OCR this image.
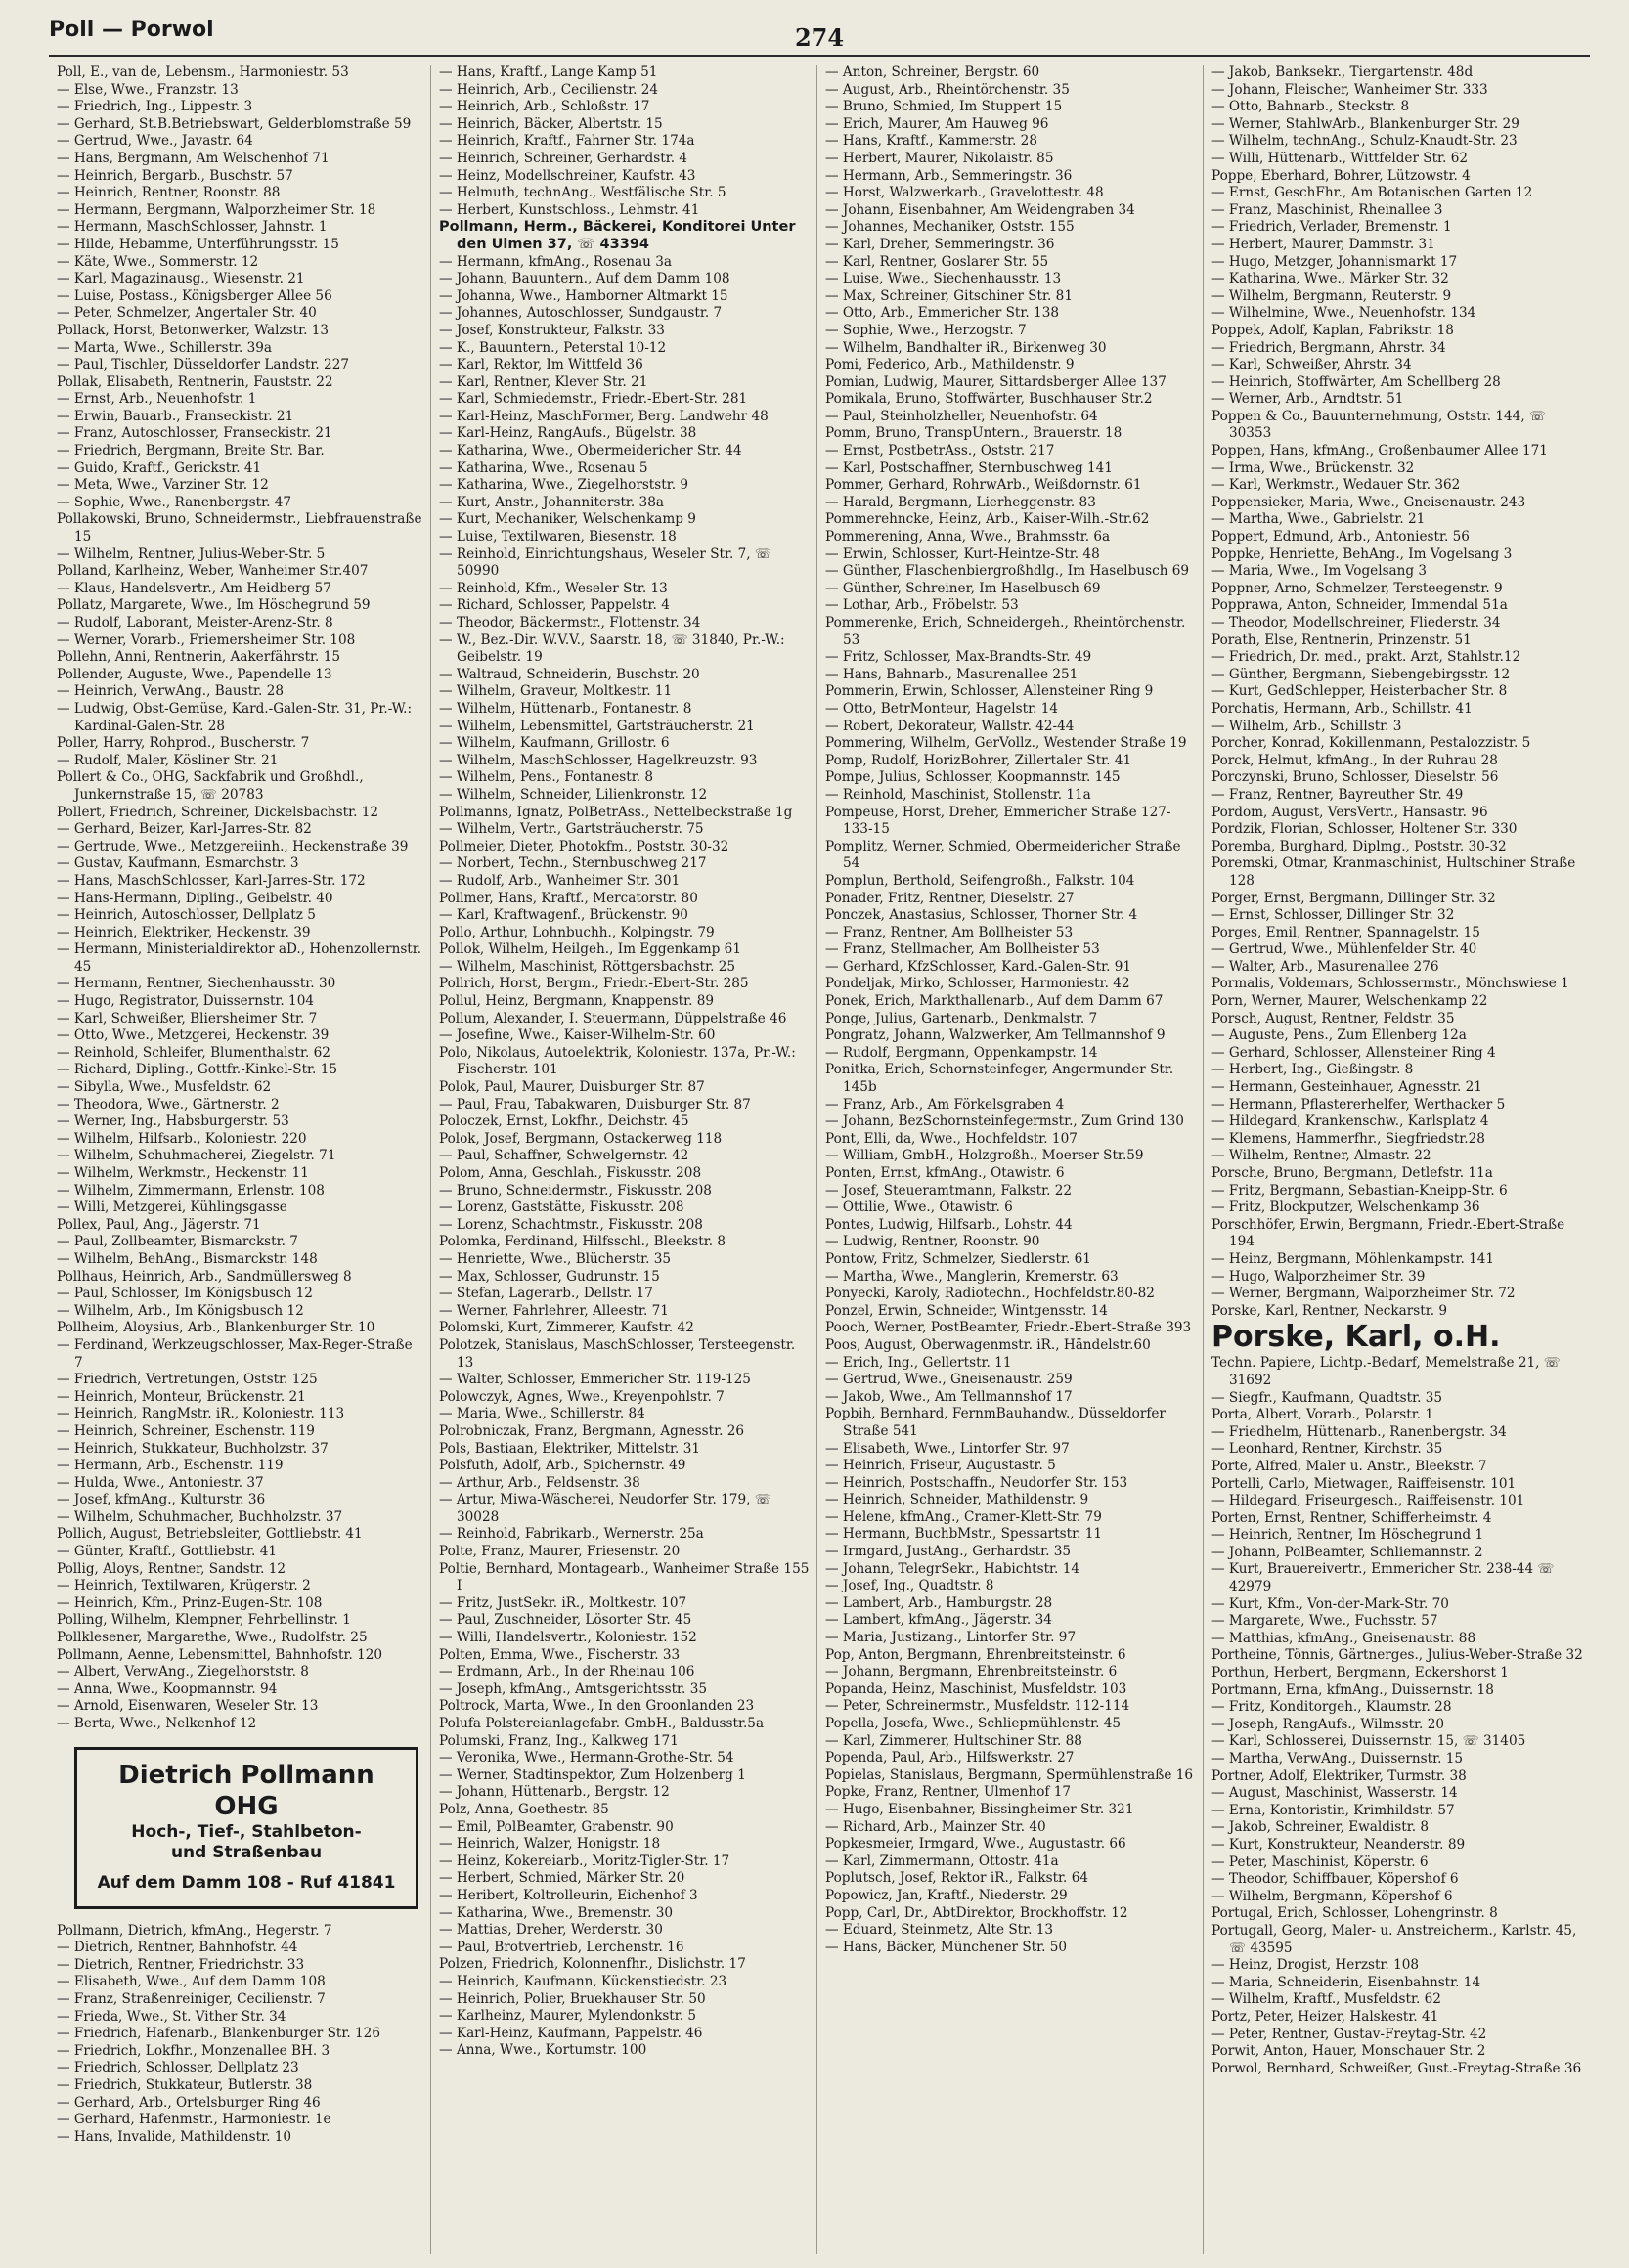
Poll — Porwol	274
Poll, E., van de, Lebensm., Harmoniestr. 53
— Else, Wwe., Franzstr. 13
— Friedrich, Ing., Lippestr. 3
— Gerhard, St.B.Betriebswart, Gelderblomstraße 59
— Gertrud, Wwe., Javastr. 64
— Hans, Bergmann, Am Welschenhof 71
— Heinrich, Bergarb., Buschstr. 57
— Heinrich, Rentner, Roonstr. 88
— Hermann, Bergmann, Walporzheimer Str. 18
— Hermann, MaschSchlosser, Jahnstr. 1
— Hilde, Hebamme, Unterführungsstr. 15
— Käte, Wwe., Sommerstr. 12
— Karl, Magazinausg., Wiesenstr. 21
— Luise, Postass., Königsberger Allee 56
— Peter, Schmelzer, Angertaler Str. 40
Pollack, Horst, Betonwerker, Walzstr. 13
— Marta, Wwe., Schillerstr. 39a
— Paul, Tischler, Düsseldorfer Landstr. 227
Pollak, Elisabeth, Rentnerin, Fauststr. 22
— Ernst, Arb., Neuenhofstr. 1
— Erwin, Bauarb., Franseckistr. 21
— Franz, Autoschlosser, Franseckistr. 21
— Friedrich, Bergmann, Breite Str. Bar.
— Guido, Kraftf., Gerickstr. 41
— Meta, Wwe., Varziner Str. 12
— Sophie, Wwe., Ranenbergstr. 47
Pollakowski, Bruno, Schneidermstr., Liebfrauenstraße 15
— Wilhelm, Rentner, Julius-Weber-Str. 5
Polland, Karlheinz, Weber, Wanheimer Str.407
— Klaus, Handelsvertr., Am Heidberg 57
Pollatz, Margarete, Wwe., Im Höschegrund 59
— Rudolf, Laborant, Meister-Arenz-Str. 8
— Werner, Vorarb., Friemersheimer Str. 108
Pollehn, Anni, Rentnerin, Aakerfährstr. 15
Pollender, Auguste, Wwe., Papendelle 13
— Heinrich, VerwAng., Baustr. 28
— Ludwig, Obst-Gemüse, Kard.-Galen-Str. 31, Pr.-W.: Kardinal-Galen-Str. 28
Poller, Harry, Rohprod., Buscherstr. 7
— Rudolf, Maler, Kösliner Str. 21
Pollert & Co., OHG, Sackfabrik und Großhdl., Junkernstraße 15, ☏ 20783
Pollert, Friedrich, Schreiner, Dickelsbachstr. 12
— Gerhard, Beizer, Karl-Jarres-Str. 82
— Gertrude, Wwe., Metzgereiinh., Heckenstraße 39
— Gustav, Kaufmann, Esmarchstr. 3
— Hans, MaschSchlosser, Karl-Jarres-Str. 172
— Hans-Hermann, Dipling., Geibelstr. 40
— Heinrich, Autoschlosser, Dellplatz 5
— Heinrich, Elektriker, Heckenstr. 39
— Hermann, Ministerialdirektor aD., Hohenzollernstr. 45
— Hermann, Rentner, Siechenhausstr. 30
— Hugo, Registrator, Duissernstr. 104
— Karl, Schweißer, Bliersheimer Str. 7
— Otto, Wwe., Metzgerei, Heckenstr. 39
— Reinhold, Schleifer, Blumenthalstr. 62
— Richard, Dipling., Gottfr.-Kinkel-Str. 15
— Sibylla, Wwe., Musfeldstr. 62
— Theodora, Wwe., Gärtnerstr. 2
— Werner, Ing., Habsburgerstr. 53
— Wilhelm, Hilfsarb., Koloniestr. 220
— Wilhelm, Schuhmacherei, Ziegelstr. 71
— Wilhelm, Werkmstr., Heckenstr. 11
— Wilhelm, Zimmermann, Erlenstr. 108
— Willi, Metzgerei, Kühlingsgasse
Pollex, Paul, Ang., Jägerstr. 71
— Paul, Zollbeamter, Bismarckstr. 7
— Wilhelm, BehAng., Bismarckstr. 148
Pollhaus, Heinrich, Arb., Sandmüllersweg 8
— Paul, Schlosser, Im Königsbusch 12
— Wilhelm, Arb., Im Königsbusch 12
Pollheim, Aloysius, Arb., Blankenburger Str. 10
— Ferdinand, Werkzeugschlosser, Max-Reger-Straße 7
— Friedrich, Vertretungen, Oststr. 125
— Heinrich, Monteur, Brückenstr. 21
— Heinrich, RangMstr. iR., Koloniestr. 113
— Heinrich, Schreiner, Eschenstr. 119
— Heinrich, Stukkateur, Buchholzstr. 37
— Hermann, Arb., Eschenstr. 119
— Hulda, Wwe., Antoniestr. 37
— Josef, kfmAng., Kulturstr. 36
— Wilhelm, Schuhmacher, Buchholzstr. 37
Pollich, August, Betriebsleiter, Gottliebstr. 41
— Günter, Kraftf., Gottliebstr. 41
Pollig, Aloys, Rentner, Sandstr. 12
— Heinrich, Textilwaren, Krügerstr. 2
— Heinrich, Kfm., Prinz-Eugen-Str. 108
Polling, Wilhelm, Klempner, Fehrbellinstr. 1
Pollklesener, Margarethe, Wwe., Rudolfstr. 25
Pollmann, Aenne, Lebensmittel, Bahnhofstr. 120
— Albert, VerwAng., Ziegelhorststr. 8
— Anna, Wwe., Koopmannstr. 94
— Arnold, Eisenwaren, Weseler Str. 13
— Berta, Wwe., Nelkenhof 12
Dietrich Pollmann OHG
Hoch-, Tief-, Stahlbeton-
und Straßenbau
Auf dem Damm 108 - Ruf 41841
Pollmann, Dietrich, kfmAng., Hegerstr. 7
— Dietrich, Rentner, Bahnhofstr. 44
— Dietrich, Rentner, Friedrichstr. 33
— Elisabeth, Wwe., Auf dem Damm 108
— Franz, Straßenreiniger, Cecilienstr. 7
— Frieda, Wwe., St. Vither Str. 34
— Friedrich, Hafenarb., Blankenburger Str. 126
— Friedrich, Lokfhr., Monzenallee BH. 3
— Friedrich, Schlosser, Dellplatz 23
— Friedrich, Stukkateur, Butlerstr. 38
— Gerhard, Arb., Ortelsburger Ring 46
— Gerhard, Hafenmstr., Harmoniestr. 1e
— Hans, Invalide, Mathildenstr. 10
— Hans, Kraftf., Lange Kamp 51
— Heinrich, Arb., Cecilienstr. 24
— Heinrich, Arb., Schloßstr. 17
— Heinrich, Bäcker, Albertstr. 15
— Heinrich, Kraftf., Fahrner Str. 174a
— Heinrich, Schreiner, Gerhardstr. 4
— Heinz, Modellschreiner, Kaufstr. 43
— Helmuth, technAng., Westfälische Str. 5
— Herbert, Kunstschloss., Lehmstr. 41
Pollmann, Herm., Bäckerei, Konditorei Unter den Ulmen 37, ☏ 43394
— Hermann, kfmAng., Rosenau 3a
— Johann, Bauuntern., Auf dem Damm 108
— Johanna, Wwe., Hamborner Altmarkt 15
— Johannes, Autoschlosser, Sundgaustr. 7
— Josef, Konstrukteur, Falkstr. 33
— K., Bauuntern., Peterstal 10-12
— Karl, Rektor, Im Wittfeld 36
— Karl, Rentner, Klever Str. 21
— Karl, Schmiedemstr., Friedr.-Ebert-Str. 281
— Karl-Heinz, MaschFormer, Berg. Landwehr 48
— Karl-Heinz, RangAufs., Bügelstr. 38
— Katharina, Wwe., Obermeidericher Str. 44
— Katharina, Wwe., Rosenau 5
— Katharina, Wwe., Ziegelhorststr. 9
— Kurt, Anstr., Johanniterstr. 38a
— Kurt, Mechaniker, Welschenkamp 9
— Luise, Textilwaren, Biesenstr. 18
— Reinhold, Einrichtungshaus, Weseler Str. 7, ☏ 50990
— Reinhold, Kfm., Weseler Str. 13
— Richard, Schlosser, Pappelstr. 4
— Theodor, Bäckermstr., Flottenstr. 34
— W., Bez.-Dir. W.V.V., Saarstr. 18, ☏ 31840, Pr.-W.: Geibelstr. 19
— Waltraud, Schneiderin, Buschstr. 20
— Wilhelm, Graveur, Moltkestr. 11
— Wilhelm, Hüttenarb., Fontanestr. 8
— Wilhelm, Lebensmittel, Gartsträucherstr. 21
— Wilhelm, Kaufmann, Grillostr. 6
— Wilhelm, MaschSchlosser, Hagelkreuzstr. 93
— Wilhelm, Pens., Fontanestr. 8
— Wilhelm, Schneider, Lilienkronstr. 12
Pollmanns, Ignatz, PolBetrAss., Nettelbeckstraße 1g
— Wilhelm, Vertr., Gartsträucherstr. 75
Pollmeier, Dieter, Photokfm., Poststr. 30-32
— Norbert, Techn., Sternbuschweg 217
— Rudolf, Arb., Wanheimer Str. 301
Pollmer, Hans, Kraftf., Mercatorstr. 80
— Karl, Kraftwagenf., Brückenstr. 90
Pollo, Arthur, Lohnbuchh., Kolpingstr. 79
Pollok, Wilhelm, Heilgeh., Im Eggenkamp 61
— Wilhelm, Maschinist, Röttgersbachstr. 25
Pollrich, Horst, Bergm., Friedr.-Ebert-Str. 285
Pollul, Heinz, Bergmann, Knappenstr. 89
Pollum, Alexander, I. Steuermann, Düppelstraße 46
— Josefine, Wwe., Kaiser-Wilhelm-Str. 60
Polo, Nikolaus, Autoelektrik, Koloniestr. 137a, Pr.-W.: Fischerstr. 101
Polok, Paul, Maurer, Duisburger Str. 87
— Paul, Frau, Tabakwaren, Duisburger Str. 87
Poloczek, Ernst, Lokfhr., Deichstr. 45
Polok, Josef, Bergmann, Ostackerweg 118
— Paul, Schaffner, Schwelgernstr. 42
Polom, Anna, Geschlah., Fiskusstr. 208
— Bruno, Schneidermstr., Fiskusstr. 208
— Lorenz, Gaststätte, Fiskusstr. 208
— Lorenz, Schachtmstr., Fiskusstr. 208
Polomka, Ferdinand, Hilfsschl., Bleekstr. 8
— Henriette, Wwe., Blücherstr. 35
— Max, Schlosser, Gudrunstr. 15
— Stefan, Lagerarb., Dellstr. 17
— Werner, Fahrlehrer, Alleestr. 71
Polomski, Kurt, Zimmerer, Kaufstr. 42
Polotzek, Stanislaus, MaschSchlosser, Tersteegenstr. 13
— Walter, Schlosser, Emmericher Str. 119-125
Polowczyk, Agnes, Wwe., Kreyenpohlstr. 7
— Maria, Wwe., Schillerstr. 84
Polrobniczak, Franz, Bergmann, Agnesstr. 26
Pols, Bastiaan, Elektriker, Mittelstr. 31
Polsfuth, Adolf, Arb., Spichernstr. 49
— Arthur, Arb., Feldsenstr. 38
— Artur, Miwa-Wäscherei, Neudorfer Str. 179, ☏ 30028
— Reinhold, Fabrikarb., Wernerstr. 25a
Polte, Franz, Maurer, Friesenstr. 20
Poltie, Bernhard, Montagearb., Wanheimer Straße 155 I
— Fritz, JustSekr. iR., Moltkestr. 107
— Paul, Zuschneider, Lösorter Str. 45
— Willi, Handelsvertr., Koloniestr. 152
Polten, Emma, Wwe., Fischerstr. 33
— Erdmann, Arb., In der Rheinau 106
— Joseph, kfmAng., Amtsgerichtsstr. 35
Poltrock, Marta, Wwe., In den Groonlanden 23
Polufa Polstereianlagefabr. GmbH., Baldusstr.5a
Polumski, Franz, Ing., Kalkweg 171
— Veronika, Wwe., Hermann-Grothe-Str. 54
— Werner, Stadtinspektor, Zum Holzenberg 1
— Johann, Hüttenarb., Bergstr. 12
Polz, Anna, Goethestr. 85
— Emil, PolBeamter, Grabenstr. 90
— Heinrich, Walzer, Honigstr. 18
— Heinz, Kokereiarb., Moritz-Tigler-Str. 17
— Herbert, Schmied, Märker Str. 20
— Heribert, Koltrolleurin, Eichenhof 3
— Katharina, Wwe., Bremenstr. 30
— Mattias, Dreher, Werderstr. 30
— Paul, Brotvertrieb, Lerchenstr. 16
Polzen, Friedrich, Kolonnenfhr., Dislichstr. 17
— Heinrich, Kaufmann, Kückenstiedstr. 23
— Heinrich, Polier, Bruekhauser Str. 50
— Karlheinz, Maurer, Mylendonkstr. 5
— Karl-Heinz, Kaufmann, Pappelstr. 46
— Anna, Wwe., Kortumstr. 100
— Anton, Schreiner, Bergstr. 60
— August, Arb., Rheintörchenstr. 35
— Bruno, Schmied, Im Stuppert 15
— Erich, Maurer, Am Hauweg 96
— Hans, Kraftf., Kammerstr. 28
— Herbert, Maurer, Nikolaistr. 85
— Hermann, Arb., Semmeringstr. 36
— Horst, Walzwerkarb., Gravelottestr. 48
— Johann, Eisenbahner, Am Weidengraben 34
— Johannes, Mechaniker, Oststr. 155
— Karl, Dreher, Semmeringstr. 36
— Karl, Rentner, Goslarer Str. 55
— Luise, Wwe., Siechenhausstr. 13
— Max, Schreiner, Gitschiner Str. 81
— Otto, Arb., Emmericher Str. 138
— Sophie, Wwe., Herzogstr. 7
— Wilhelm, Bandhalter iR., Birkenweg 30
Pomi, Federico, Arb., Mathildenstr. 9
Pomian, Ludwig, Maurer, Sittardsberger Allee 137
Pomikala, Bruno, Stoffwärter, Buschhauser Str.2
— Paul, Steinholzheller, Neuenhofstr. 64
Pomm, Bruno, TranspUntern., Brauerstr. 18
— Ernst, PostbetrAss., Oststr. 217
— Karl, Postschaffner, Sternbuschweg 141
Pommer, Gerhard, RohrwArb., Weißdornstr. 61
— Harald, Bergmann, Lierheggenstr. 83
Pommerehncke, Heinz, Arb., Kaiser-Wilh.-Str.62
Pommerening, Anna, Wwe., Brahmsstr. 6a
— Erwin, Schlosser, Kurt-Heintze-Str. 48
— Günther, Flaschenbiergroßhdlg., Im Haselbusch 69
— Günther, Schreiner, Im Haselbusch 69
— Lothar, Arb., Fröbelstr. 53
Pommerenke, Erich, Schneidergeh., Rheintörchenstr. 53
— Fritz, Schlosser, Max-Brandts-Str. 49
— Hans, Bahnarb., Masurenallee 251
Pommerin, Erwin, Schlosser, Allensteiner Ring 9
— Otto, BetrMonteur, Hagelstr. 14
— Robert, Dekorateur, Wallstr. 42-44
Pommering, Wilhelm, GerVollz., Westender Straße 19
Pomp, Rudolf, HorizBohrer, Zillertaler Str. 41
Pompe, Julius, Schlosser, Koopmannstr. 145
— Reinhold, Maschinist, Stollenstr. 11a
Pompeuse, Horst, Dreher, Emmericher Straße 127-133-15
Pomplitz, Werner, Schmied, Obermeidericher Straße 54
Pomplun, Berthold, Seifengroßh., Falkstr. 104
Ponader, Fritz, Rentner, Dieselstr. 27
Ponczek, Anastasius, Schlosser, Thorner Str. 4
— Franz, Rentner, Am Bollheister 53
— Franz, Stellmacher, Am Bollheister 53
— Gerhard, KfzSchlosser, Kard.-Galen-Str. 91
Pondeljak, Mirko, Schlosser, Harmoniestr. 42
Ponek, Erich, Markthallenarb., Auf dem Damm 67
Ponge, Julius, Gartenarb., Denkmalstr. 7
Pongratz, Johann, Walzwerker, Am Tellmannshof 9
— Rudolf, Bergmann, Oppenkampstr. 14
Ponitka, Erich, Schornsteinfeger, Angermunder Str. 145b
— Franz, Arb., Am Förkelsgraben 4
— Johann, BezSchornsteinfegermstr., Zum Grind 130
Pont, Elli, da, Wwe., Hochfeldstr. 107
— William, GmbH., Holzgroßh., Moerser Str.59
Ponten, Ernst, kfmAng., Otawistr. 6
— Josef, Steueramtmann, Falkstr. 22
— Ottilie, Wwe., Otawistr. 6
Pontes, Ludwig, Hilfsarb., Lohstr. 44
— Ludwig, Rentner, Roonstr. 90
Pontow, Fritz, Schmelzer, Siedlerstr. 61
— Martha, Wwe., Manglerin, Kremerstr. 63
Ponyecki, Karoly, Radiotechn., Hochfeldstr.80-82
Ponzel, Erwin, Schneider, Wintgensstr. 14
Pooch, Werner, PostBeamter, Friedr.-Ebert-Straße 393
Poos, August, Oberwagenmstr. iR., Händelstr.60
— Erich, Ing., Gellertstr. 11
— Gertrud, Wwe., Gneisenaustr. 259
— Jakob, Wwe., Am Tellmannshof 17
Popbih, Bernhard, FernmBauhandw., Düsseldorfer Straße 541
— Elisabeth, Wwe., Lintorfer Str. 97
— Heinrich, Friseur, Augustastr. 5
— Heinrich, Postschaffn., Neudorfer Str. 153
— Heinrich, Schneider, Mathildenstr. 9
— Helene, kfmAng., Cramer-Klett-Str. 79
— Hermann, BuchbMstr., Spessartstr. 11
— Irmgard, JustAng., Gerhardstr. 35
— Johann, TelegrSekr., Habichtstr. 14
— Josef, Ing., Quadtstr. 8
— Lambert, Arb., Hamburgstr. 28
— Lambert, kfmAng., Jägerstr. 34
— Maria, Justizang., Lintorfer Str. 97
Pop, Anton, Bergmann, Ehrenbreitsteinstr. 6
— Johann, Bergmann, Ehrenbreitsteinstr. 6
Popanda, Heinz, Maschinist, Musfeldstr. 103
— Peter, Schreinermstr., Musfeldstr. 112-114
Popella, Josefa, Wwe., Schliepmühlenstr. 45
— Karl, Zimmerer, Hultschiner Str. 88
Popenda, Paul, Arb., Hilfswerkstr. 27
Popielas, Stanislaus, Bergmann, Spermühlenstraße 16
Popke, Franz, Rentner, Ulmenhof 17
— Hugo, Eisenbahner, Bissingheimer Str. 321
— Richard, Arb., Mainzer Str. 40
Popkesmeier, Irmgard, Wwe., Augustastr. 66
— Karl, Zimmermann, Ottostr. 41a
Poplutsch, Josef, Rektor iR., Falkstr. 64
Popowicz, Jan, Kraftf., Niederstr. 29
Popp, Carl, Dr., AbtDirektor, Brockhoffstr. 12
— Eduard, Steinmetz, Alte Str. 13
— Hans, Bäcker, Münchener Str. 50
— Jakob, Banksekr., Tiergartenstr. 48d
— Johann, Fleischer, Wanheimer Str. 333
— Otto, Bahnarb., Steckstr. 8
— Werner, StahlwArb., Blankenburger Str. 29
— Wilhelm, technAng., Schulz-Knaudt-Str. 23
— Willi, Hüttenarb., Wittfelder Str. 62
Poppe, Eberhard, Bohrer, Lützowstr. 4
— Ernst, GeschFhr., Am Botanischen Garten 12
— Franz, Maschinist, Rheinallee 3
— Friedrich, Verlader, Bremenstr. 1
— Herbert, Maurer, Dammstr. 31
— Hugo, Metzger, Johannismarkt 17
— Katharina, Wwe., Märker Str. 32
— Wilhelm, Bergmann, Reuterstr. 9
— Wilhelmine, Wwe., Neuenhofstr. 134
Poppek, Adolf, Kaplan, Fabrikstr. 18
— Friedrich, Bergmann, Ahrstr. 34
— Karl, Schweißer, Ahrstr. 34
— Heinrich, Stoffwärter, Am Schellberg 28
— Werner, Arb., Arndtstr. 51
Poppen & Co., Bauunternehmung, Oststr. 144, ☏ 30353
Poppen, Hans, kfmAng., Großenbaumer Allee 171
— Irma, Wwe., Brückenstr. 32
— Karl, Werkmstr., Wedauer Str. 362
Poppensieker, Maria, Wwe., Gneisenaustr. 243
— Martha, Wwe., Gabrielstr. 21
Poppert, Edmund, Arb., Antoniestr. 56
Poppke, Henriette, BehAng., Im Vogelsang 3
— Maria, Wwe., Im Vogelsang 3
Poppner, Arno, Schmelzer, Tersteegenstr. 9
Popprawa, Anton, Schneider, Immendal 51a
— Theodor, Modellschreiner, Fliederstr. 34
Porath, Else, Rentnerin, Prinzenstr. 51
— Friedrich, Dr. med., prakt. Arzt, Stahlstr.12
— Günther, Bergmann, Siebengebirgsstr. 12
— Kurt, GedSchlepper, Heisterbacher Str. 8
Porchatis, Hermann, Arb., Schillstr. 41
— Wilhelm, Arb., Schillstr. 3
Porcher, Konrad, Kokillenmann, Pestalozzistr. 5
Porck, Helmut, kfmAng., In der Ruhrau 28
Porczynski, Bruno, Schlosser, Dieselstr. 56
— Franz, Rentner, Bayreuther Str. 49
Pordom, August, VersVertr., Hansastr. 96
Pordzik, Florian, Schlosser, Holtener Str. 330
Poremba, Burghard, Diplmg., Poststr. 30-32
Poremski, Otmar, Kranmaschinist, Hultschiner Straße 128
Porger, Ernst, Bergmann, Dillinger Str. 32
— Ernst, Schlosser, Dillinger Str. 32
Porges, Emil, Rentner, Spannagelstr. 15
— Gertrud, Wwe., Mühlenfelder Str. 40
— Walter, Arb., Masurenallee 276
Pormalis, Voldemars, Schlossermstr., Mönchswiese 1
Porn, Werner, Maurer, Welschenkamp 22
Porsch, August, Rentner, Feldstr. 35
— Auguste, Pens., Zum Ellenberg 12a
— Gerhard, Schlosser, Allensteiner Ring 4
— Herbert, Ing., Gießingstr. 8
— Hermann, Gesteinhauer, Agnesstr. 21
— Hermann, Pflastererhelfer, Werthacker 5
— Hildegard, Krankenschw., Karlsplatz 4
— Klemens, Hammerfhr., Siegfriedstr.28
— Wilhelm, Rentner, Almastr. 22
Porsche, Bruno, Bergmann, Detlefstr. 11a
— Fritz, Bergmann, Sebastian-Kneipp-Str. 6
— Fritz, Blockputzer, Welschenkamp 36
Porschhöfer, Erwin, Bergmann, Friedr.-Ebert-Straße 194
— Heinz, Bergmann, Möhlenkampstr. 141
— Hugo, Walporzheimer Str. 39
— Werner, Bergmann, Walporzheimer Str. 72
Porske, Karl, Rentner, Neckarstr. 9
Porske, Karl, o.H.
Techn. Papiere, Lichtp.-Bedarf, Memelstraße 21, ☏ 31692
— Siegfr., Kaufmann, Quadtstr. 35
Porta, Albert, Vorarb., Polarstr. 1
— Friedhelm, Hüttenarb., Ranenbergstr. 34
— Leonhard, Rentner, Kirchstr. 35
Porte, Alfred, Maler u. Anstr., Bleekstr. 7
Portelli, Carlo, Mietwagen, Raiffeisenstr. 101
— Hildegard, Friseurgesch., Raiffeisenstr. 101
Porten, Ernst, Rentner, Schifferheimstr. 4
— Heinrich, Rentner, Im Höschegrund 1
— Johann, PolBeamter, Schliemannstr. 2
— Kurt, Brauereivertr., Emmericher Str. 238-44 ☏ 42979
— Kurt, Kfm., Von-der-Mark-Str. 70
— Margarete, Wwe., Fuchsstr. 57
— Matthias, kfmAng., Gneisenaustr. 88
Portheine, Tönnis, Gärtnerges., Julius-Weber-Straße 32
Porthun, Herbert, Bergmann, Eckershorst 1
Portmann, Erna, kfmAng., Duissernstr. 18
— Fritz, Konditorgeh., Klaumstr. 28
— Joseph, RangAufs., Wilmsstr. 20
— Karl, Schlosserei, Duissernstr. 15, ☏ 31405
— Martha, VerwAng., Duissernstr. 15
Portner, Adolf, Elektriker, Turmstr. 38
— August, Maschinist, Wasserstr. 14
— Erna, Kontoristin, Krimhildstr. 57
— Jakob, Schreiner, Ewaldistr. 8
— Kurt, Konstrukteur, Neanderstr. 89
— Peter, Maschinist, Köperstr. 6
— Theodor, Schiffbauer, Köpershof 6
— Wilhelm, Bergmann, Köpershof 6
Portugal, Erich, Schlosser, Lohengrinstr. 8
Portugall, Georg, Maler- u. Anstreicherm., Karlstr. 45, ☏ 43595
— Heinz, Drogist, Herzstr. 108
— Maria, Schneiderin, Eisenbahnstr. 14
— Wilhelm, Kraftf., Musfeldstr. 62
Portz, Peter, Heizer, Halskestr. 41
— Peter, Rentner, Gustav-Freytag-Str. 42
Porwit, Anton, Hauer, Monschauer Str. 2
Porwol, Bernhard, Schweißer, Gust.-Freytag-Straße 36
